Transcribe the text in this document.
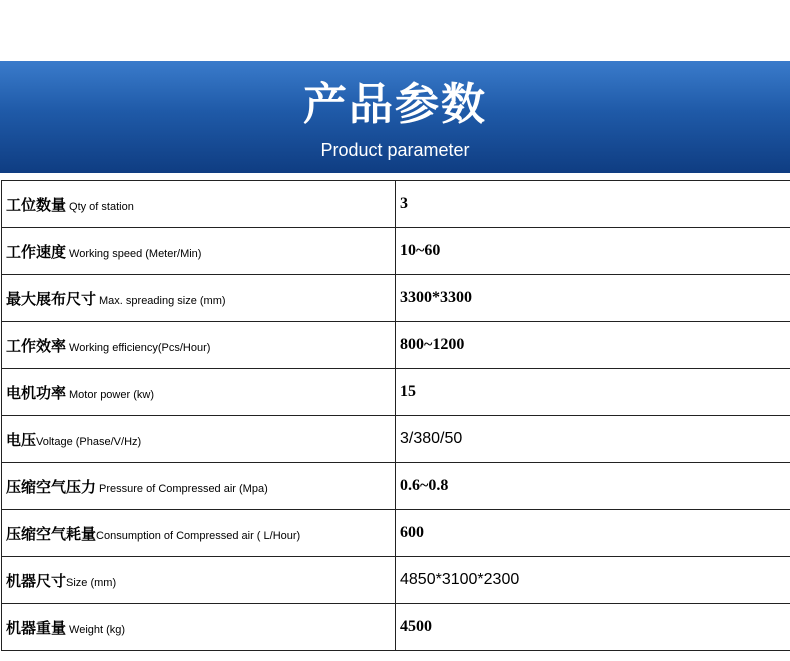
产品参数
Product parameter
工位数量 Qty of station	3
工作速度 Working speed (Meter/Min)	10~60
最大展布尺寸 Max. spreading size (mm)	3300*3300
工作效率 Working efficiency(Pcs/Hour)	800~1200
电机功率 Motor power (kw)	15
电压Voltage (Phase/V/Hz)	3/380/50
压缩空气压力 Pressure of Compressed air (Mpa)	0.6~0.8
压缩空气耗量Consumption of Compressed air ( L/Hour)	600
机器尺寸Size (mm)	4850*3100*2300
机器重量 Weight (kg)	4500
